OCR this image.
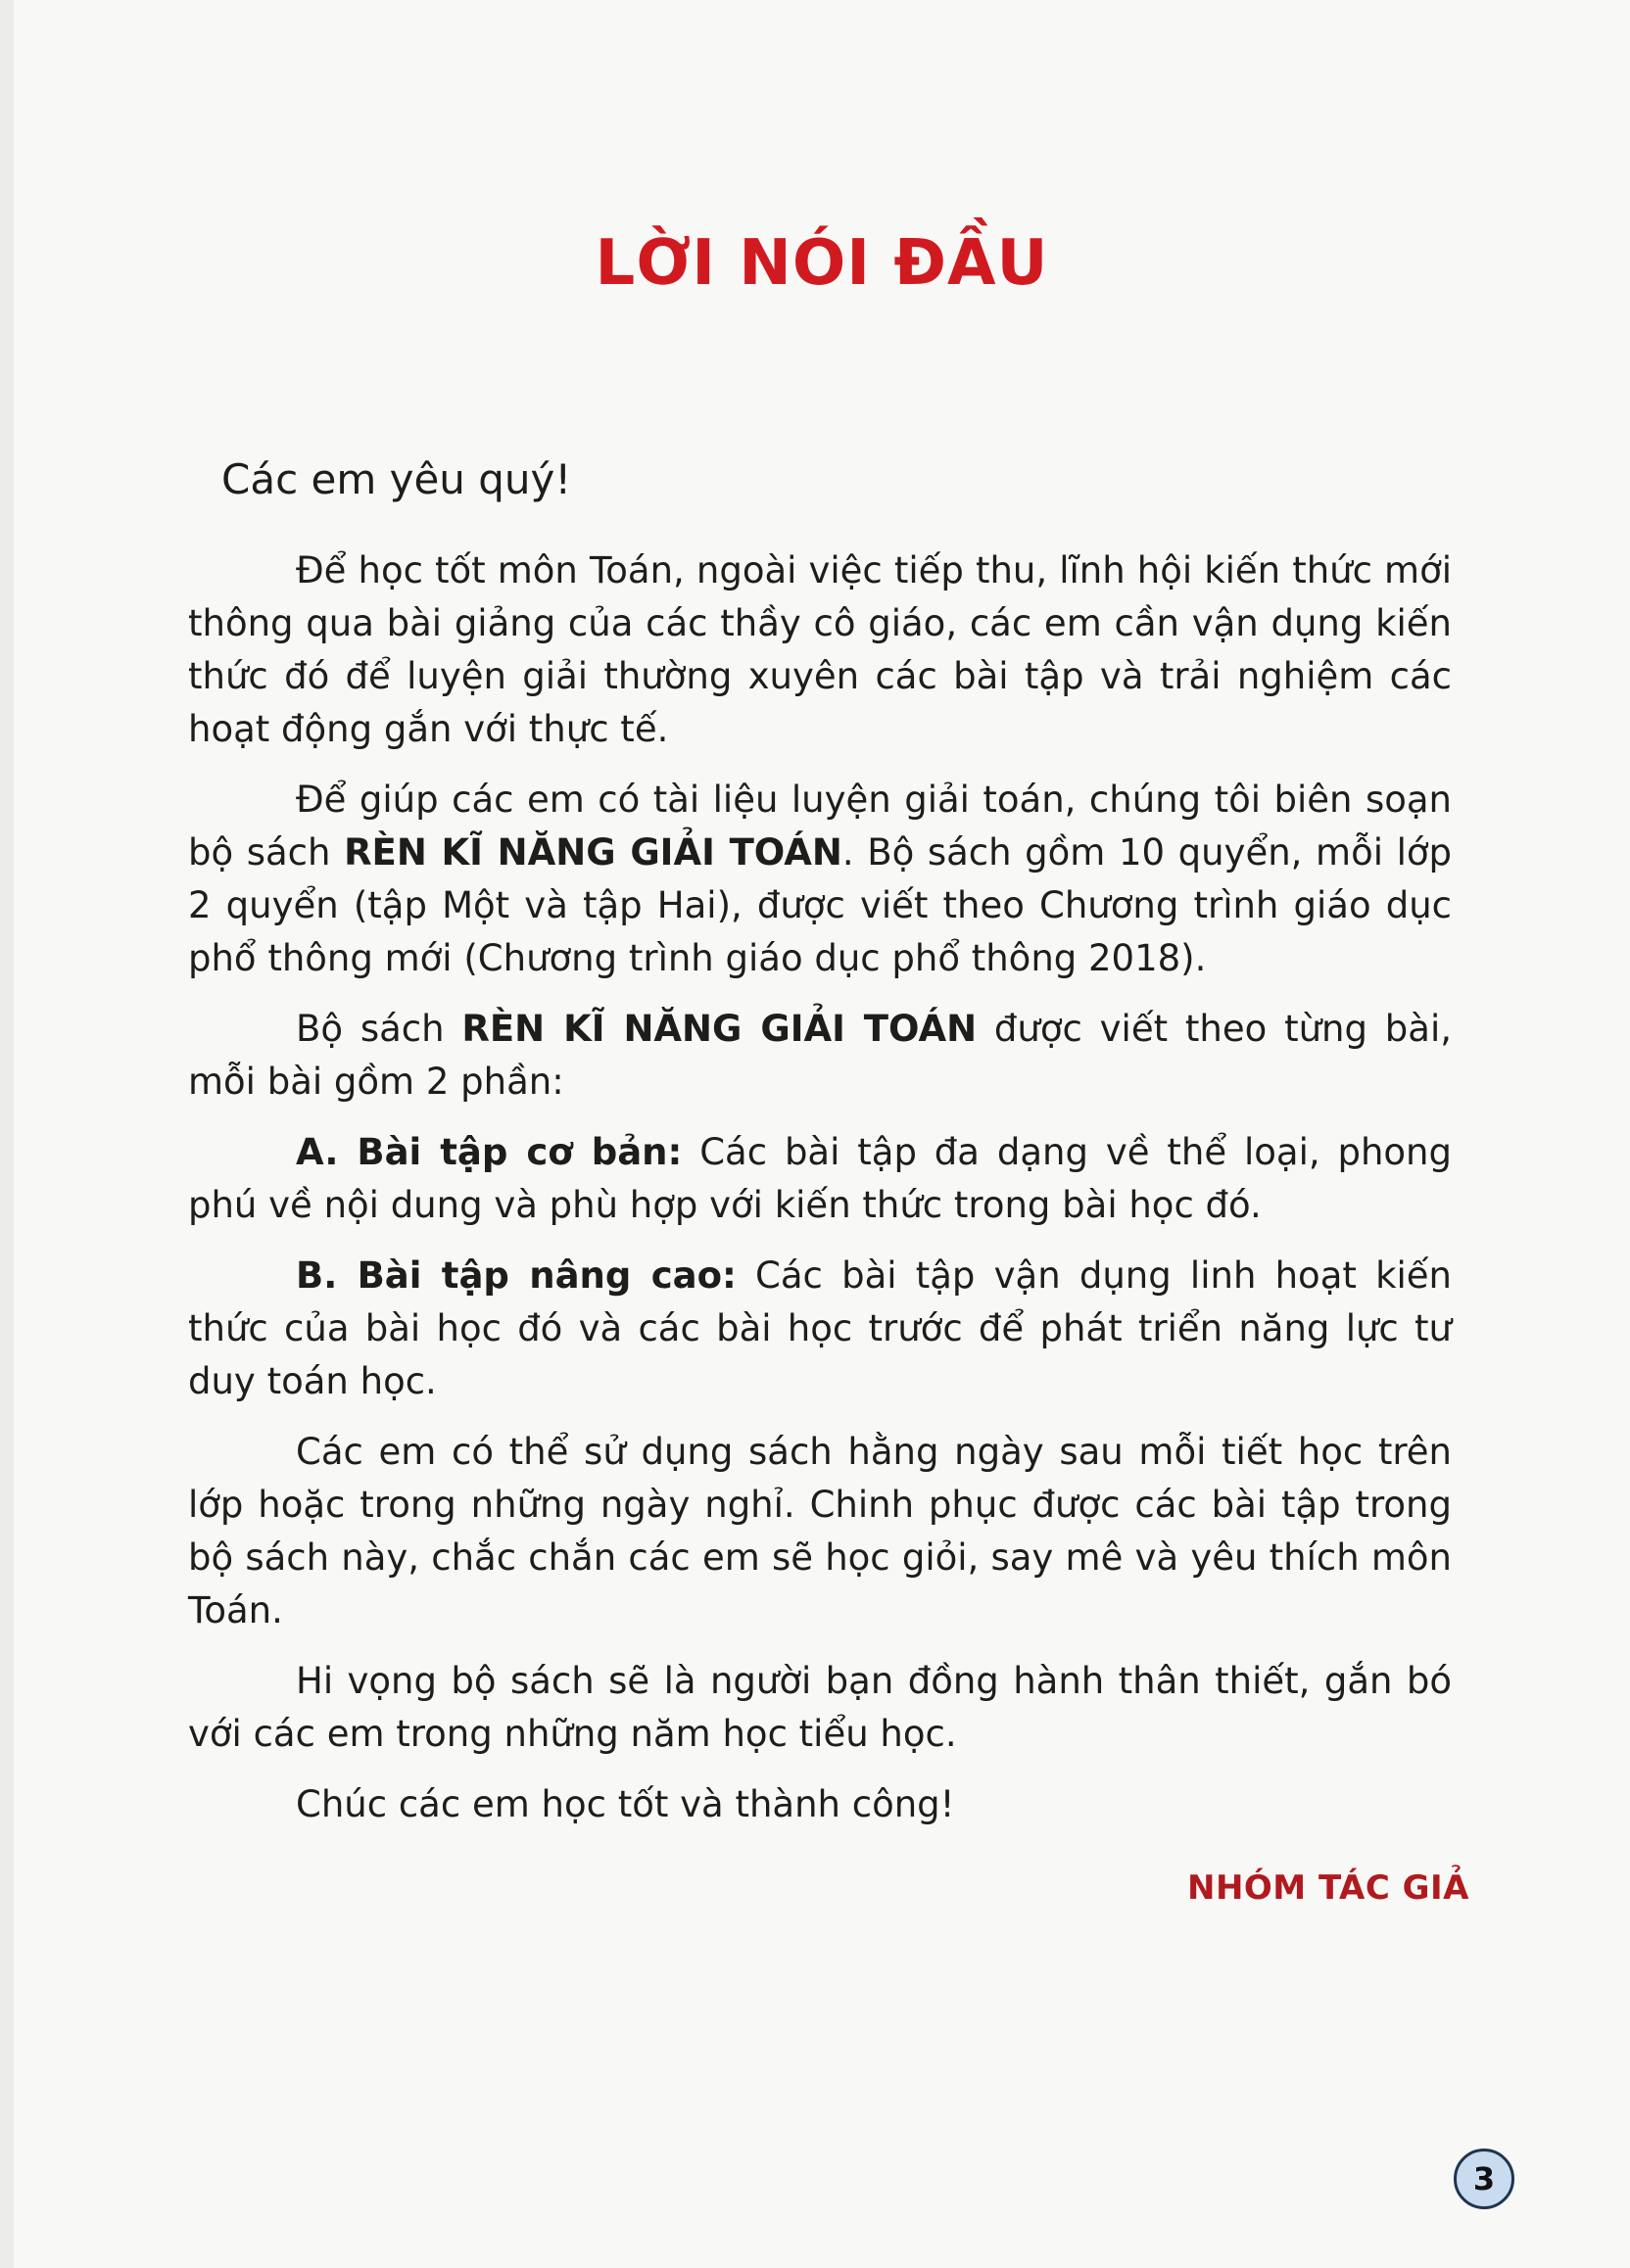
LỜI NÓI ĐẦU

Các em yêu quý!

Để học tốt môn Toán, ngoài việc tiếp thu, lĩnh hội kiến thức mới thông qua bài giảng của các thầy cô giáo, các em cần vận dụng kiến thức đó để luyện giải thường xuyên các bài tập và trải nghiệm các hoạt động gắn với thực tế.

Để giúp các em có tài liệu luyện giải toán, chúng tôi biên soạn bộ sách RÈN KĨ NĂNG GIẢI TOÁN. Bộ sách gồm 10 quyển, mỗi lớp 2 quyển (tập Một và tập Hai), được viết theo Chương trình giáo dục phổ thông mới (Chương trình giáo dục phổ thông 2018).

Bộ sách RÈN KĨ NĂNG GIẢI TOÁN được viết theo từng bài, mỗi bài gồm 2 phần:

A. Bài tập cơ bản: Các bài tập đa dạng về thể loại, phong phú về nội dung và phù hợp với kiến thức trong bài học đó.

B. Bài tập nâng cao: Các bài tập vận dụng linh hoạt kiến thức của bài học đó và các bài học trước để phát triển năng lực tư duy toán học.

Các em có thể sử dụng sách hằng ngày sau mỗi tiết học trên lớp hoặc trong những ngày nghỉ. Chinh phục được các bài tập trong bộ sách này, chắc chắn các em sẽ học giỏi, say mê và yêu thích môn Toán.

Hi vọng bộ sách sẽ là người bạn đồng hành thân thiết, gắn bó với các em trong những năm học tiểu học.

Chúc các em học tốt và thành công!

NHÓM TÁC GIẢ

3
